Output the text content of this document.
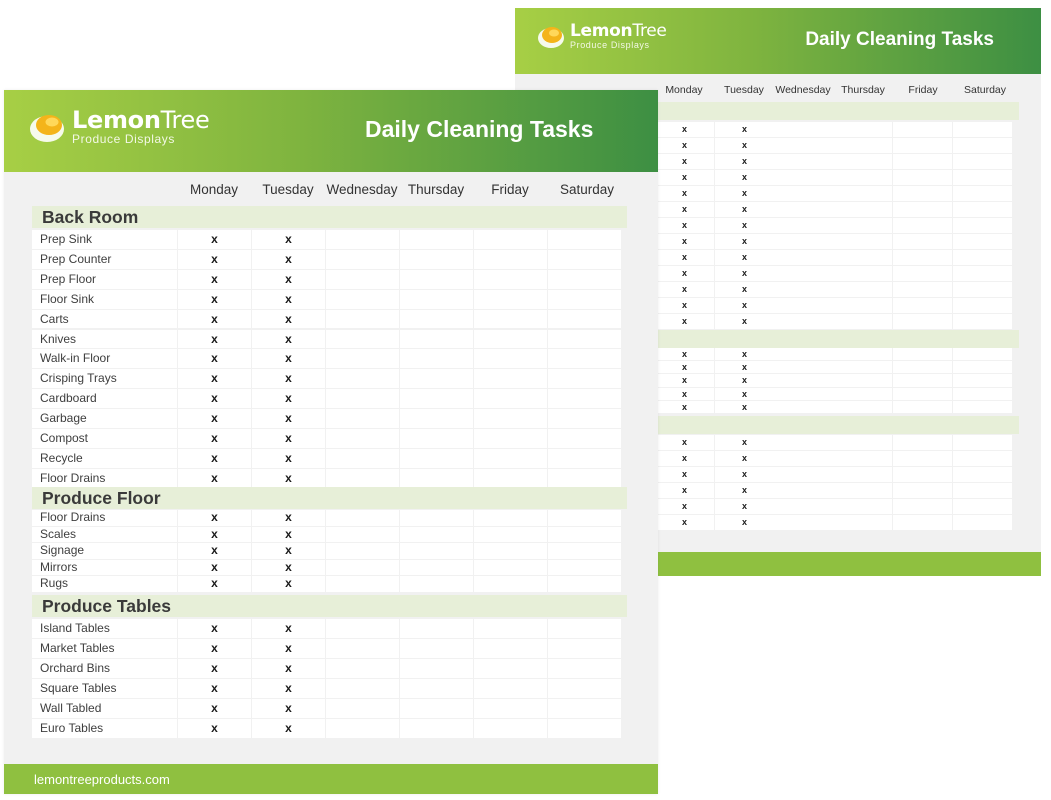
LemonTree
Produce Displays	Daily Cleaning Tasks
Monday	Tuesday	Wednesday Thursday	Friday	Saturday
x	x
x	x
x	x
x	x
x	x
x	x
x	x
x	x
x	x
x	x
x	x
x	x
x	x
x	x
x	x
x	x
x	x
x	x
x	x
x	x
x	x
x	x
x	x
x	x
LemonTree
Produce Displays	Daily Cleaning Tasks
Monday	Tuesday Wednesday Thursday	Friday	Saturday
Back Room
Prep Sink	x	x
Prep Counter	x	x
Prep Floor	x	x
Floor Sink	x	x
Carts	x	x
Knives	x	x
Walk-in Floor	x	x
Crisping Trays	x	x
Cardboard	x	x
Garbage	x	x
Compost	x	x
Recycle	x	x
Floor Drains	x	x
Produce Floor
Floor Drains	x	x
Scales	x	x
Signage	x	x
Mirrors	x	x
Rugs	x	x
Produce Tables
Island Tables	x	x
Market Tables	x	x
Orchard Bins	x	x
Square Tables	x	x
Wall Tabled	x	x
Euro Tables	x	x
lemontreeproducts.com
